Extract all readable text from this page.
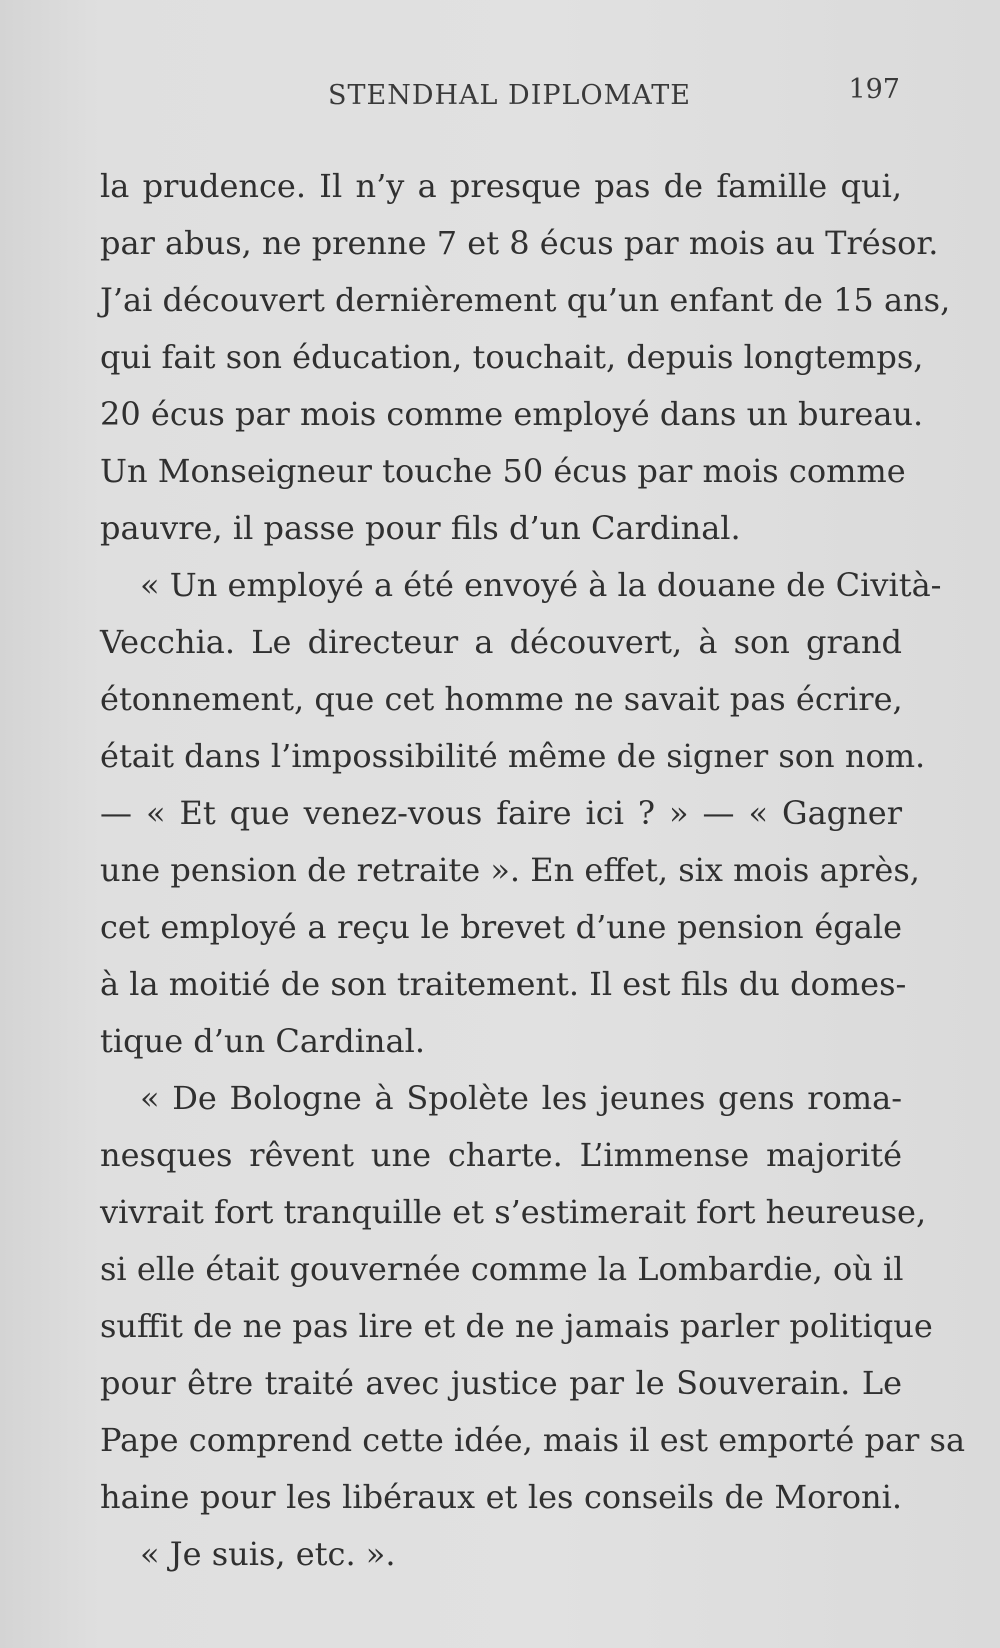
STENDHAL DIPLOMATE	197
la prudence. Il n’y a presque pas de famille qui,
par abus, ne prenne 7 et 8 écus par mois au Trésor.
J’ai découvert dernièrement qu’un enfant de 15 ans,
qui fait son éducation, touchait, depuis longtemps,
20 écus par mois comme employé dans un bureau.
Un Monseigneur touche 50 écus par mois comme
pauvre, il passe pour fils d’un Cardinal.
« Un employé a été envoyé à la douane de Cività-
Vecchia. Le directeur a découvert, à son grand
étonnement, que cet homme ne savait pas écrire,
était dans l’impossibilité même de signer son nom.
— « Et que venez-vous faire ici ? » — « Gagner
une pension de retraite ». En effet, six mois après,
cet employé a reçu le brevet d’une pension égale
à la moitié de son traitement. Il est fils du domes-
tique d’un Cardinal.
« De Bologne à Spolète les jeunes gens roma-
nesques rêvent une charte. L’immense majorité
vivrait fort tranquille et s’estimerait fort heureuse,
si elle était gouvernée comme la Lombardie, où il
suffit de ne pas lire et de ne jamais parler politique
pour être traité avec justice par le Souverain. Le
Pape comprend cette idée, mais il est emporté par sa
haine pour les libéraux et les conseils de Moroni.
« Je suis, etc. ».
